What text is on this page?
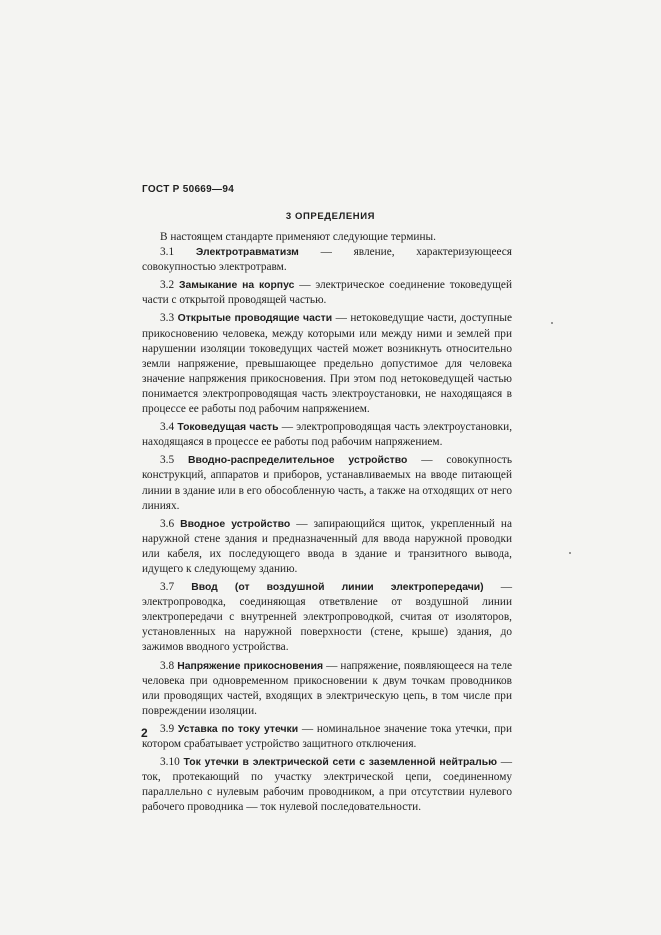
ГОСТ Р 50669—94
3 ОПРЕДЕЛЕНИЯ

В настоящем стандарте применяют следующие термины.

3.1 Электротравматизм — явление, характеризующееся совокупностью электротравм.

3.2 Замыкание на корпус — электрическое соединение токоведущей части с открытой проводящей частью.

3.3 Открытые проводящие части — нетоковедущие части, доступные прикосновению человека, между которыми или между ними и землей при нарушении изоляции токоведущих частей может возникнуть относительно земли напряжение, превышающее предельно допустимое для человека значение напряжения прикосновения. При этом под нетоковедущей частью понимается электропроводящая часть электроустановки, не находящаяся в процессе ее работы под рабочим напряжением.

3.4 Токоведущая часть — электропроводящая часть электроустановки, находящаяся в процессе ее работы под рабочим напряжением.

3.5 Вводно-распределительное устройство — совокупность конструкций, аппаратов и приборов, устанавливаемых на вводе питающей линии в здание или в его обособленную часть, а также на отходящих от него линиях.

3.6 Вводное устройство — запирающийся щиток, укрепленный на наружной стене здания и предназначенный для ввода наружной проводки или кабеля, их последующего ввода в здание и транзитного вывода, идущего к следующему зданию.

3.7 Ввод (от воздушной линии электропередачи) — электропроводка, соединяющая ответвление от воздушной линии электропередачи с внутренней электропроводкой, считая от изоляторов, установленных на наружной поверхности (стене, крыше) здания, до зажимов вводного устройства.

3.8 Напряжение прикосновения — напряжение, появляющееся на теле человека при одновременном прикосновении к двум точкам проводников или проводящих частей, входящих в электрическую цепь, в том числе при повреждении изоляции.

3.9 Уставка по току утечки — номинальное значение тока утечки, при котором срабатывает устройство защитного отключения.

3.10 Ток утечки в электрической сети с заземленной нейтралью — ток, протекающий по участку электрической цепи, соединенному параллельно с нулевым рабочим проводником, а при отсутствии нулевого рабочего проводника — ток нулевой последовательности.

2
